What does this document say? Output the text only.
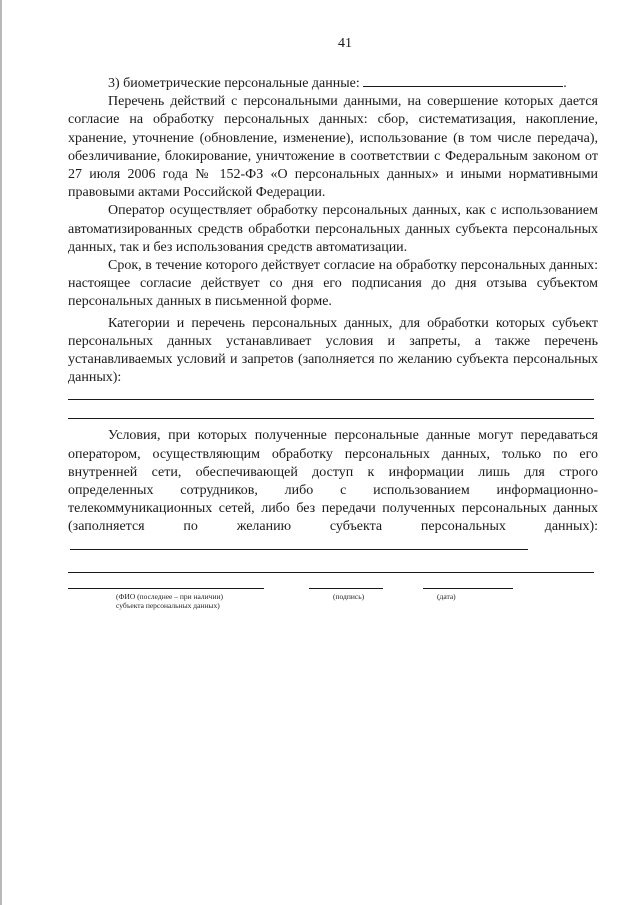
41

3) биометрические персональные данные:	.

Перечень действий с персональными данными, на совершение которых дается согласие на обработку персональных данных: сбор, систематизация, накопление, хранение, уточнение (обновление, изменение), использование (в том числе передача), обезличивание, блокирование, уничтожение в соответствии с Федеральным законом от 27 июля 2006 года № 152-ФЗ «О персональных данных» и иными нормативными правовыми актами Российской Федерации.

Оператор осуществляет обработку персональных данных, как с использованием автоматизированных средств обработки персональных данных субъекта персональных данных, так и без использования средств автоматизации.

Срок, в течение которого действует согласие на обработку персональных данных: настоящее согласие действует со дня его подписания до дня отзыва субъектом персональных данных в письменной форме.

Категории и перечень персональных данных, для обработки которых субъект персональных данных устанавливает условия и запреты, а также перечень устанавливаемых условий и запретов (заполняется по желанию субъекта персональных данных):

Условия, при которых полученные персональные данные могут передаваться оператором, осуществляющим обработку персональных данных, только по его внутренней сети, обеспечивающей доступ к информации лишь для строго определенных сотрудников, либо с использованием информационно-телекоммуникационных сетей, либо без передачи полученных персональных данных (заполняется по желанию субъекта персональных данных):

(ФИО (последнее – при наличии)
субъекта персональных данных)
(подпись)	(дата)
